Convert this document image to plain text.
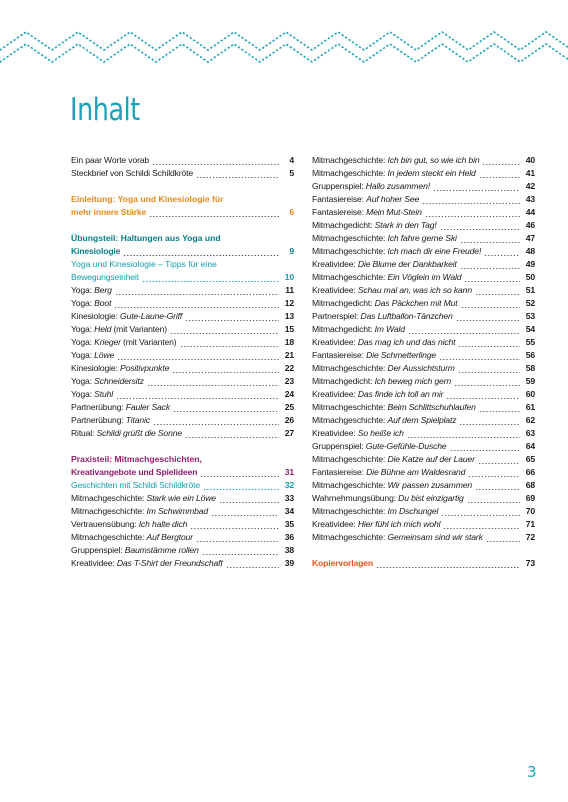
Inhalt
Ein paar Worte vorab	4
Steckbrief von Schildi Schildkröte	5
Einleitung: Yoga und Kinesiologie für
mehr innere Stärke	6
Übungsteil: Haltungen aus Yoga und
Kinesiologie	9
Yoga und Kinesiologie – Tipps für eine
Bewegungseinheit	10
Yoga: Berg	11
Yoga: Boot	12
Kinesiologie: Gute-Laune-Griff	13
Yoga: Held (mit Varianten)	15
Yoga: Krieger (mit Varianten)	18
Yoga: Löwe	21
Kinesiologie: Positivpunkte	22
Yoga: Schneidersitz	23
Yoga: Stuhl	24
Partnerübung: Fauler Sack	25
Partnerübung: Titanic	26
Ritual: Schildi grüßt die Sonne	27
Praxisteil: Mitmachgeschichten,
Kreativangebote und Spielideen	31
Geschichten mit Schildi Schildkröte	32
Mitmachgeschichte: Stark wie ein Löwe	33
Mitmachgeschichte: Im Schwimmbad	34
Vertrauensübung: Ich halte dich	35
Mitmachgeschichte: Auf Bergtour	36
Gruppenspiel: Baumstämme rollen	38
Kreatividee: Das T-Shirt der Freundschaft	39
Mitmachgeschichte: Ich bin gut, so wie ich bin	40
Mitmachgeschichte: In jedem steckt ein Held	41
Gruppenspiel: Hallo zusammen!	42
Fantasiereise: Auf hoher See	43
Fantasiereise: Mein Mut-Stein	44
Mitmachgedicht: Stark in den Tag!	46
Mitmachgeschichte: Ich fahre gerne Ski	47
Mitmachgeschichte: Ich mach dir eine Freude!	48
Kreatividee: Die Blume der Dankbarkeit	49
Mitmachgeschichte: Ein Vöglein im Wald	50
Kreatividee: Schau mal an, was ich so kann	51
Mitmachgedicht: Das Päckchen mit Mut	52
Partnerspiel: Das Luftballon-Tänzchen	53
Mitmachgedicht: Im Wald	54
Kreatividee: Das mag ich und das nicht	55
Fantasiereise: Die Schmetterlinge	56
Mitmachgeschichte: Der Aussichtsturm	58
Mitmachgedicht: Ich beweg mich gern	59
Kreatividee: Das finde ich toll an mir	60
Mitmachgeschichte: Beim Schlittschuhlaufen	61
Mitmachgeschichte: Auf dem Spielplatz	62
Kreatividee: So heiße ich	63
Gruppenspiel: Gute-Gefühle-Dusche	64
Mitmachgeschichte: Die Katze auf der Lauer	65
Fantasiereise: Die Bühne am Waldesrand	66
Mitmachgeschichte: Wir passen zusammen	68
Wahrnehmungsübung: Du bist einzigartig	69
Mitmachgeschichte: Im Dschungel	70
Kreatividee: Hier fühl ich mich wohl	71
Mitmachgeschichte: Gemeinsam sind wir stark	72
Kopiervorlagen	73
3
